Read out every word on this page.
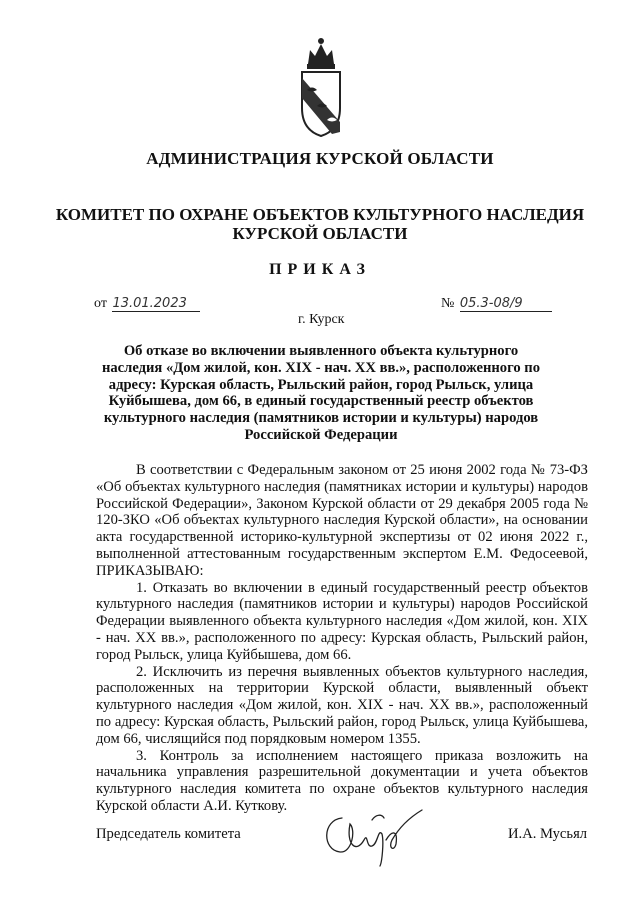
АДМИНИСТРАЦИЯ КУРСКОЙ ОБЛАСТИ
КОМИТЕТ ПО ОХРАНЕ ОБЪЕКТОВ КУЛЬТУРНОГО НАСЛЕДИЯ
КУРСКОЙ ОБЛАСТИ
ПРИКАЗ
от 13.01.2023	№ 05.3-08/9
г. Курск
Об отказе во включении выявленного объекта культурного наследия «Дом жилой, кон. XIX - нач. XX вв.», расположенного по адресу: Курская область, Рыльский район, город Рыльск, улица Куйбышева, дом 66, в единый государственный реестр объектов культурного наследия (памятников истории и культуры) народов Российской Федерации

В соответствии с Федеральным законом от 25 июня 2002 года № 73-ФЗ «Об объектах культурного наследия (памятниках истории и культуры) народов Российской Федерации», Законом Курской области от 29 декабря 2005 года № 120-ЗКО «Об объектах культурного наследия Курской области», на основании акта государственной историко-культурной экспертизы от 02 июня 2022 г., выполненной аттестованным государственным экспертом Е.М. Федосеевой, ПРИКАЗЫВАЮ:

1. Отказать во включении в единый государственный реестр объектов культурного наследия (памятников истории и культуры) народов Российской Федерации выявленного объекта культурного наследия «Дом жилой, кон. XIX - нач. XX вв.», расположенного по адресу: Курская область, Рыльский район, город Рыльск, улица Куйбышева, дом 66.

2. Исключить из перечня выявленных объектов культурного наследия, расположенных на территории Курской области, выявленный объект культурного наследия «Дом жилой, кон. XIX - нач. XX вв.», расположенный по адресу: Курская область, Рыльский район, город Рыльск, улица Куйбышева, дом 66, числящийся под порядковым номером 1355.

3. Контроль за исполнением настоящего приказа возложить на начальника управления разрешительной документации и учета объектов культурного наследия комитета по охране объектов культурного наследия Курской области А.И. Куткову.

Председатель комитета	И.А. Мусьял
